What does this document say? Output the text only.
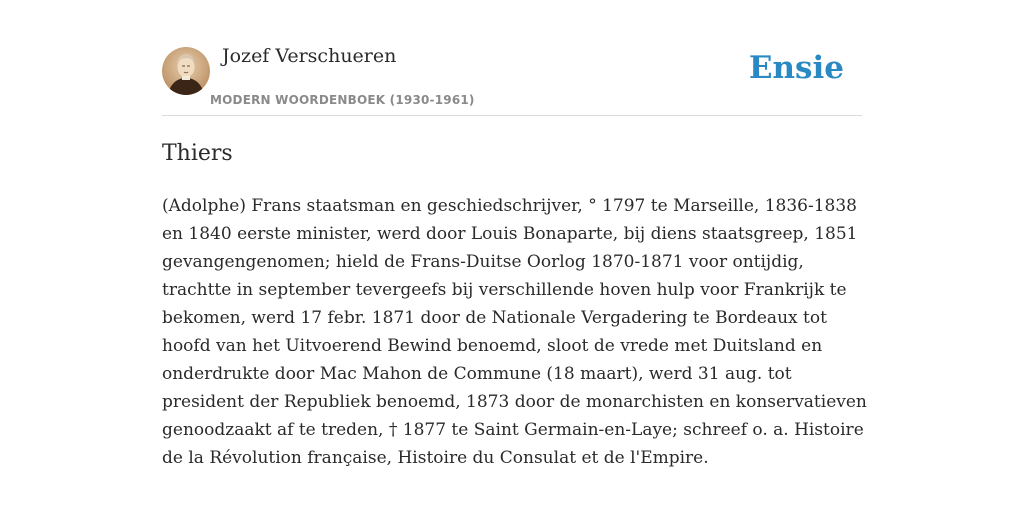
Jozef Verschueren
MODERN WOORDENBOEK (1930-1961)
Ensie
Thiers
(Adolphe) Frans staatsman en geschiedschrijver, ° 1797 te Marseille, 1836-1838
en 1840 eerste minister, werd door Louis Bonaparte, bij diens staatsgreep, 1851
gevangengenomen; hield de Frans-Duitse Oorlog 1870-1871 voor ontijdig,
trachtte in september tevergeefs bij verschillende hoven hulp voor Frankrijk te
bekomen, werd 17 febr. 1871 door de Nationale Vergadering te Bordeaux tot
hoofd van het Uitvoerend Bewind benoemd, sloot de vrede met Duitsland en
onderdrukte door Mac Mahon de Commune (18 maart), werd 31 aug. tot
president der Republiek benoemd, 1873 door de monarchisten en konservatieven
genoodzaakt af te treden, † 1877 te Saint Germain-en-Laye; schreef o. a. Histoire
de la Révolution française, Histoire du Consulat et de l'Empire.
